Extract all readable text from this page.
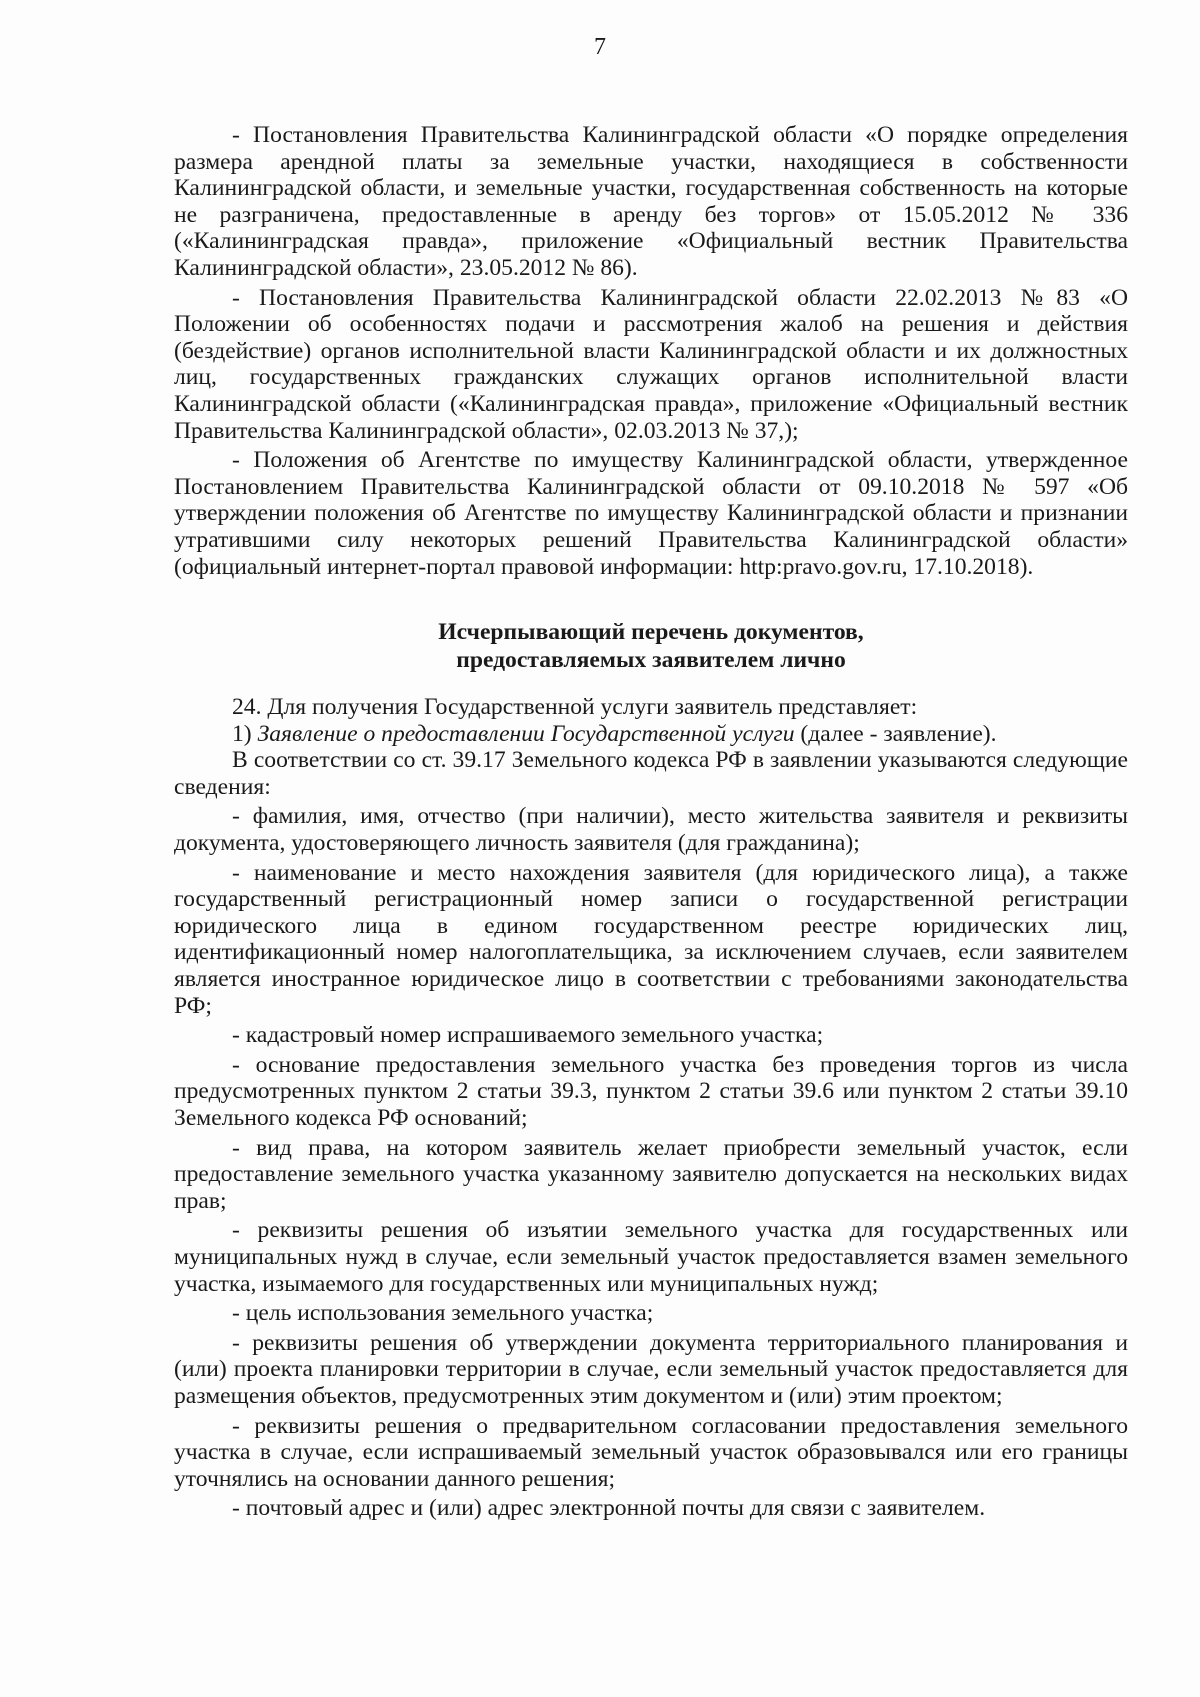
7

- Постановления Правительства Калининградской области «О порядке определения размера арендной платы за земельные участки, находящиеся в собственности Калининградской области, и земельные участки, государственная собственность на которые не разграничена, предоставленные в аренду без торгов» от 15.05.2012 № 336 («Калининградская правда», приложение «Официальный вестник Правительства Калининградской области», 23.05.2012 № 86).

- Постановления Правительства Калининградской области 22.02.2013 №83 «О Положении об особенностях подачи и рассмотрения жалоб на решения и действия (бездействие) органов исполнительной власти Калининградской области и их должностных лиц, государственных гражданских служащих органов исполнительной власти Калининградской области («Калининградская правда», приложение «Официальный вестник Правительства Калининградской области», 02.03.2013 № 37,);

- Положения об Агентстве по имуществу Калининградской области, утвержденное Постановлением Правительства Калининградской области от 09.10.2018 № 597 «Об утверждении положения об Агентстве по имуществу Калининградской области и признании утратившими силу некоторых решений Правительства Калининградской области» (официальный интернет-портал правовой информации: http:pravo.gov.ru, 17.10.2018).

Исчерпывающий перечень документов,
предоставляемых заявителем лично

24. Для получения Государственной услуги заявитель представляет:

1) Заявление о предоставлении Государственной услуги (далее - заявление).

В соответствии со ст. 39.17 Земельного кодекса РФ в заявлении указываются следующие сведения:

- фамилия, имя, отчество (при наличии), место жительства заявителя и реквизиты документа, удостоверяющего личность заявителя (для гражданина);

- наименование и место нахождения заявителя (для юридического лица), а также государственный регистрационный номер записи о государственной регистрации юридического лица в едином государственном реестре юридических лиц, идентификационный номер налогоплательщика, за исключением случаев, если заявителем является иностранное юридическое лицо в соответствии с требованиями законодательства РФ;

- кадастровый номер испрашиваемого земельного участка;

- основание предоставления земельного участка без проведения торгов из числа предусмотренных пунктом 2 статьи 39.3, пунктом 2 статьи 39.6 или пунктом 2 статьи 39.10 Земельного кодекса РФ оснований;

- вид права, на котором заявитель желает приобрести земельный участок, если предоставление земельного участка указанному заявителю допускается на нескольких видах прав;

- реквизиты решения об изъятии земельного участка для государственных или муниципальных нужд в случае, если земельный участок предоставляется взамен земельного участка, изымаемого для государственных или муниципальных нужд;

- цель использования земельного участка;

- реквизиты решения об утверждении документа территориального планирования и (или) проекта планировки территории в случае, если земельный участок предоставляется для размещения объектов, предусмотренных этим документом и (или) этим проектом;

- реквизиты решения о предварительном согласовании предоставления земельного участка в случае, если испрашиваемый земельный участок образовывался или его границы уточнялись на основании данного решения;

- почтовый адрес и (или) адрес электронной почты для связи с заявителем.
